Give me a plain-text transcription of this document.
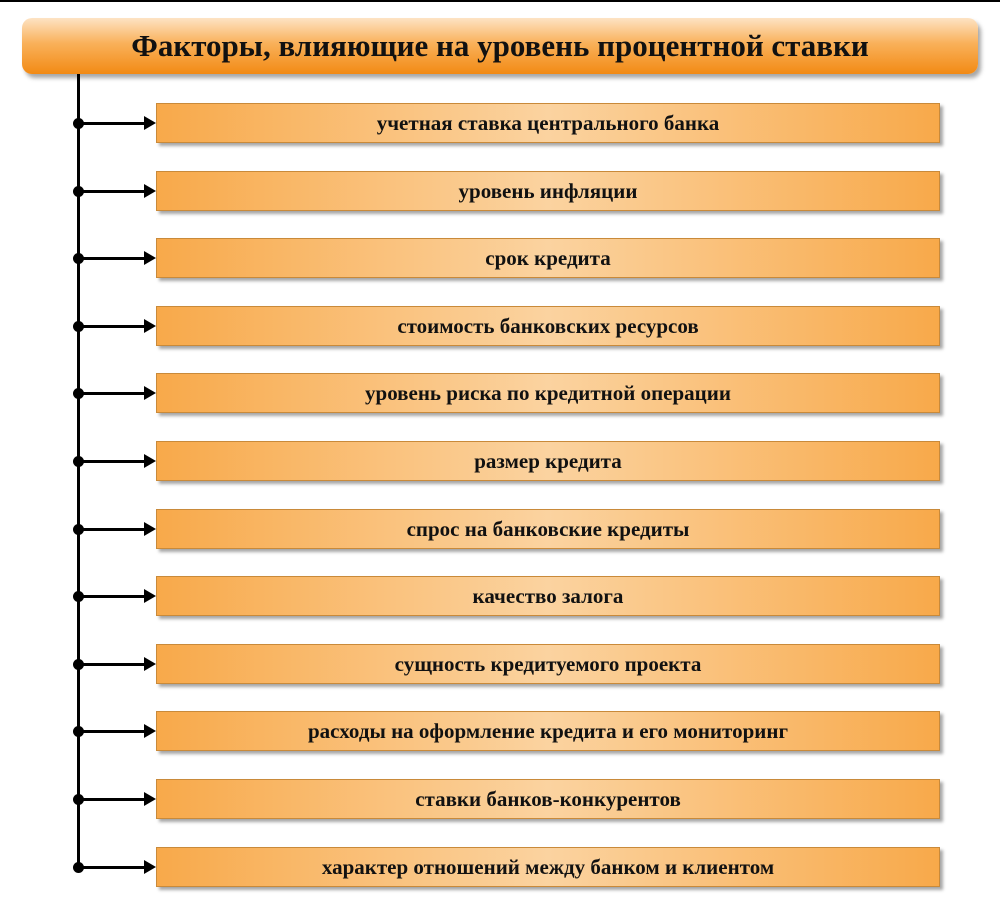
Факторы, влияющие на уровень процентной ставки
учетная ставка центрального банка
уровень инфляции
срок кредита
стоимость банковских ресурсов
уровень риска по кредитной операции
размер кредита
спрос на банковские кредиты
качество залога
сущность кредитуемого проекта
расходы на оформление кредита и его мониторинг
ставки банков-конкурентов
характер отношений между банком и клиентом
